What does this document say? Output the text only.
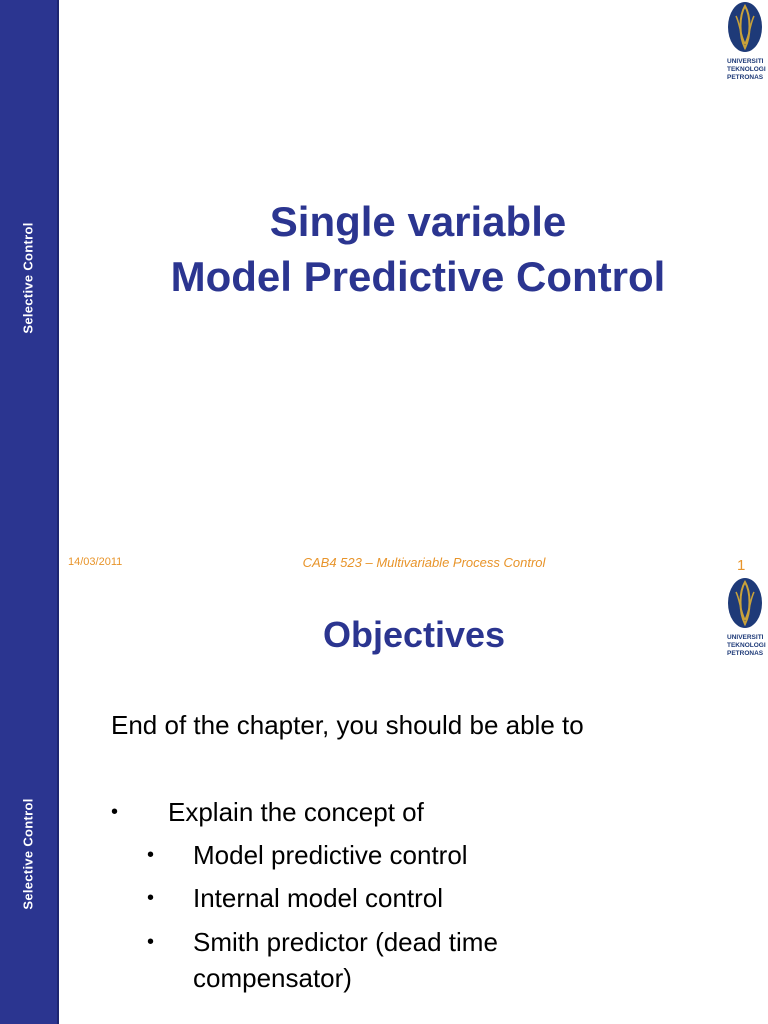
Selective Control
UNIVERSITI
TEKNOLOGI
PETRONAS
Single variable
Model Predictive Control
14/03/2011	CAB4 523 – Multivariable Process Control	1
Selective Control
UNIVERSITI
TEKNOLOGI
PETRONAS
Objectives
End of the chapter, you should be able to
• Explain the concept of
• Model predictive control
• Internal model control
• Smith predictor (dead time
compensator)
